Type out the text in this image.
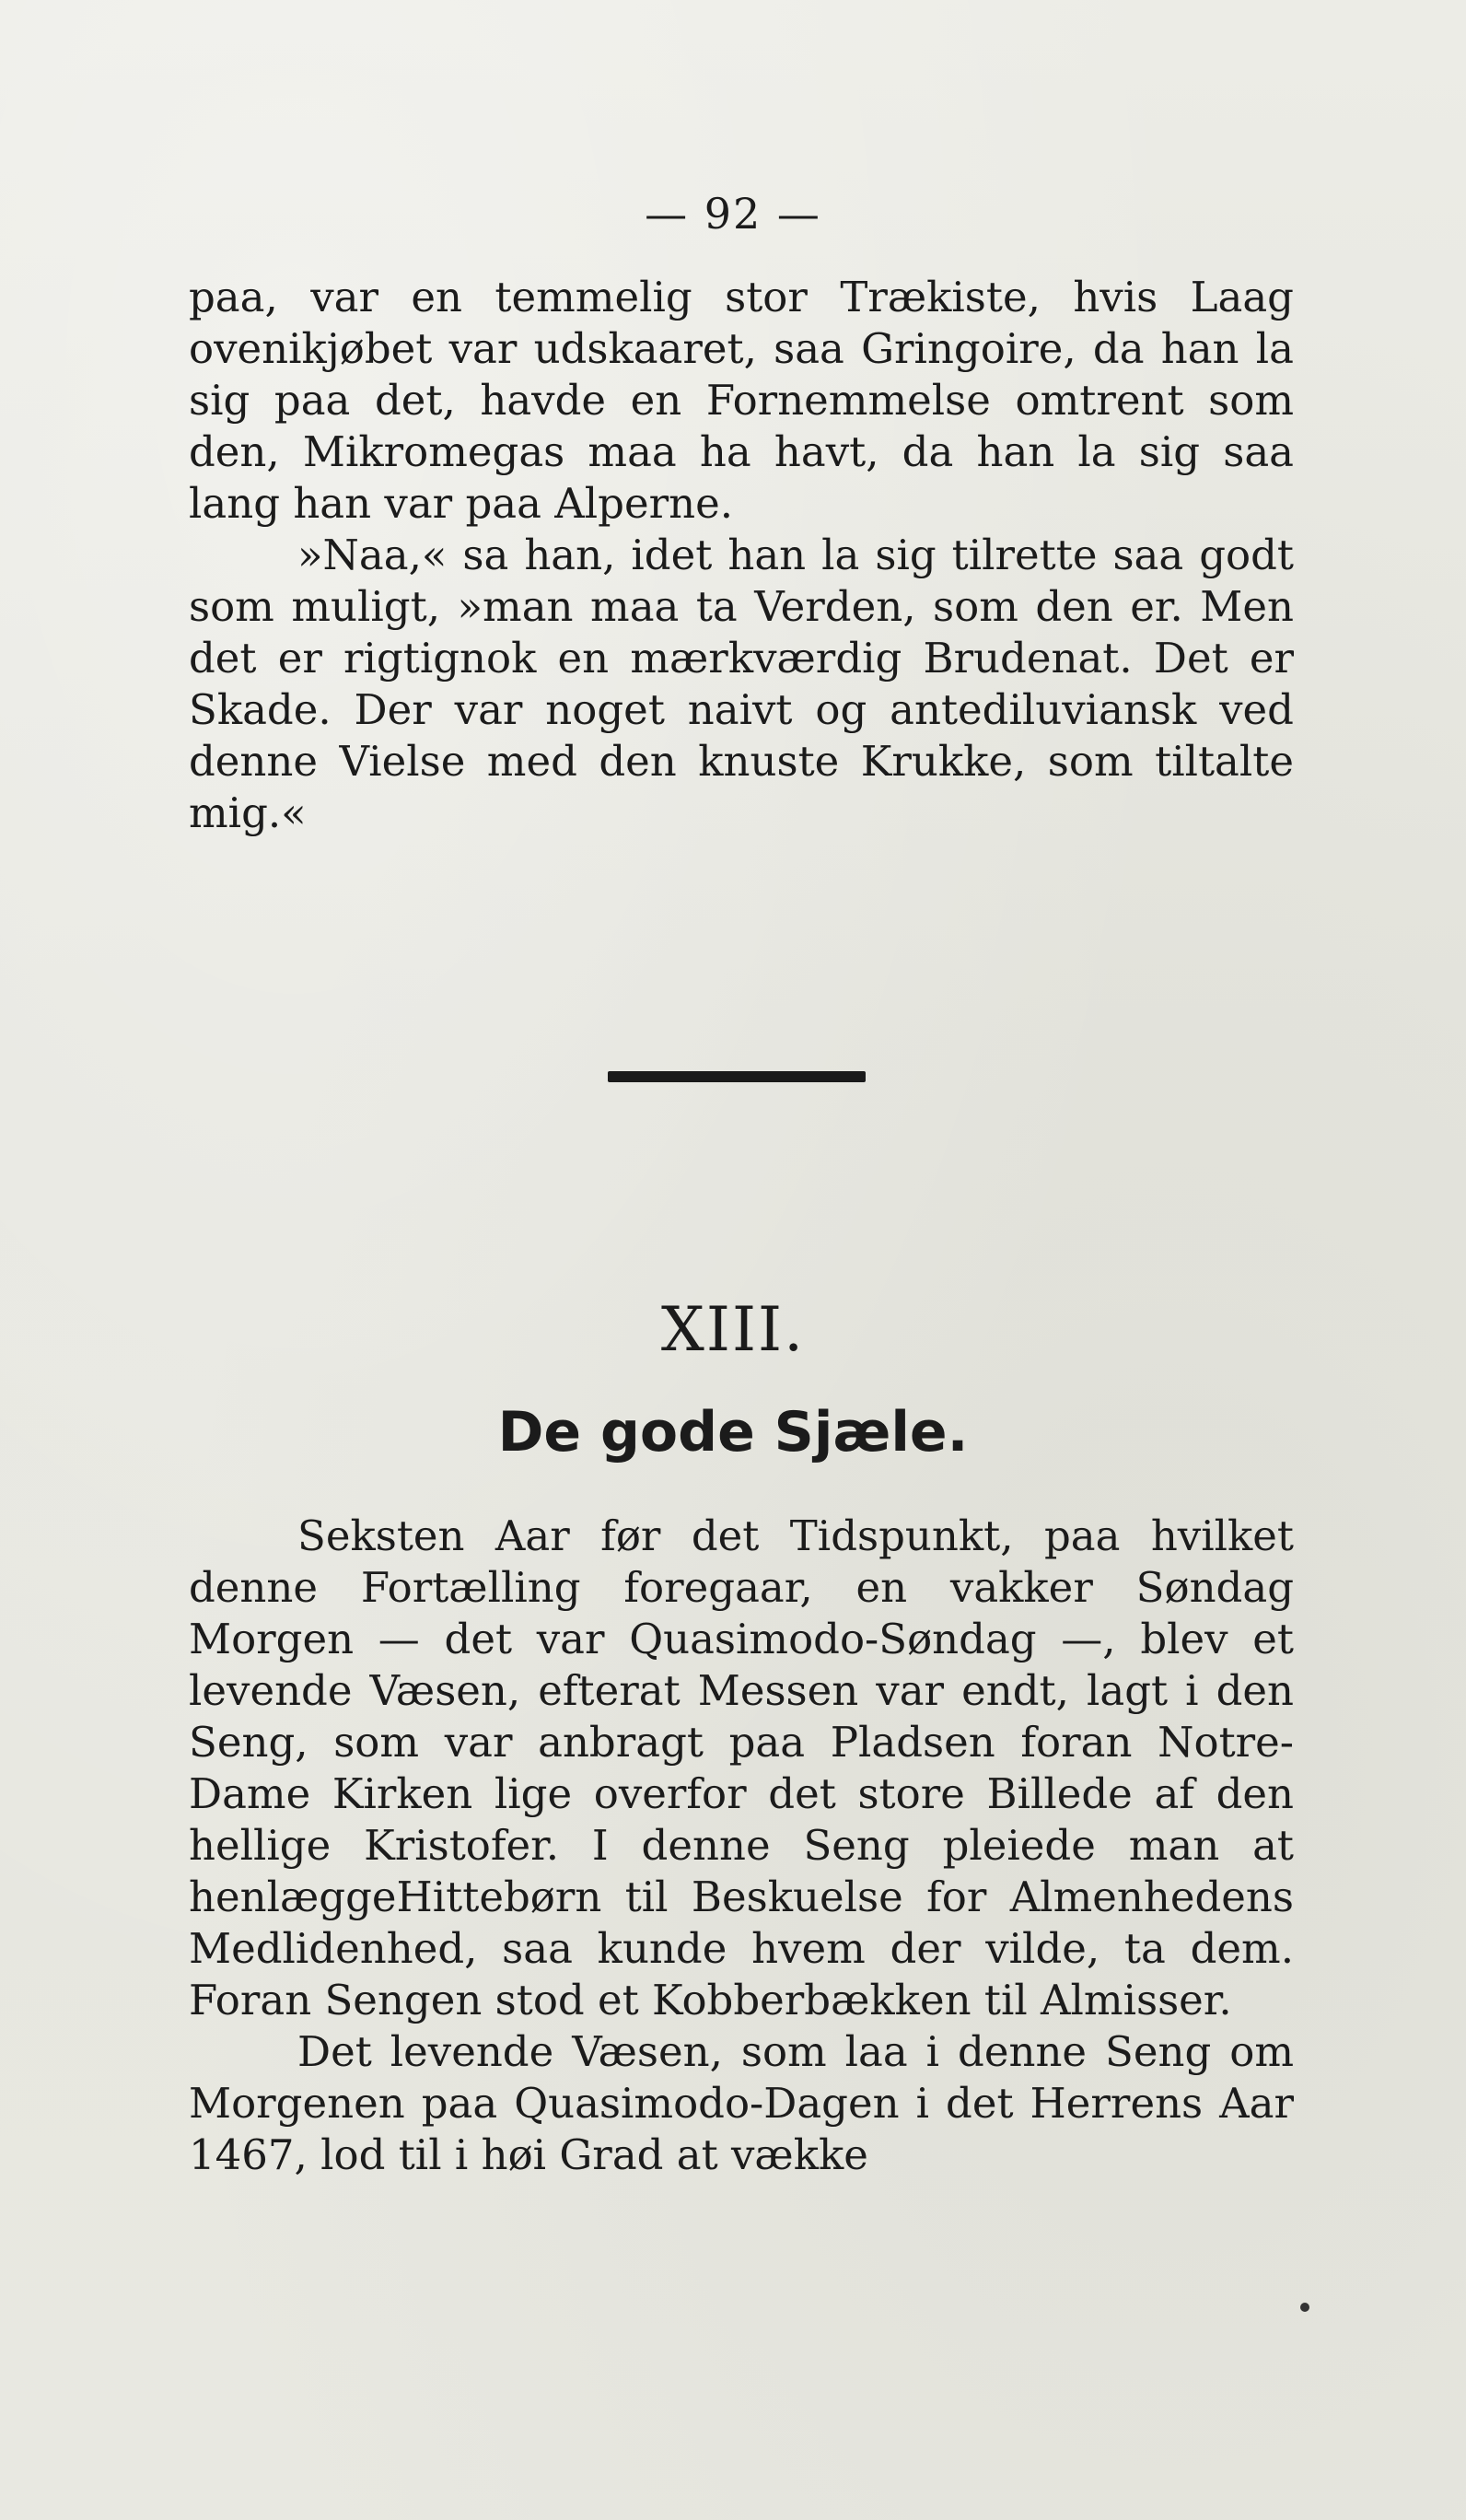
— 92 —

paa, var en temmelig stor Trækiste, hvis Laag ovenikjøbet var udskaaret, saa Gringoire, da han la sig paa det, havde en Fornemmelse omtrent som den, Mikromegas maa ha havt, da han la sig saa lang han var paa Alperne.

»Naa,« sa han, idet han la sig tilrette saa godt som muligt, »man maa ta Verden, som den er. Men det er rigtignok en mærkværdig Brudenat. Det er Skade. Der var noget naivt og antediluviansk ved denne Vielse med den knuste Krukke, som tiltalte mig.«

XIII.
De gode Sjæle.

Seksten Aar før det Tidspunkt, paa hvilket denne Fortælling foregaar, en vakker Søndag Morgen — det var Quasimodo-Søndag —, blev et levende Væsen, efterat Messen var endt, lagt i den Seng, som var anbragt paa Pladsen foran Notre-Dame Kirken lige overfor det store Billede af den hellige Kristofer. I denne Seng pleiede man at henlæggeHittebørn til Beskuelse for Almenhedens Medlidenhed, saa kunde hvem der vilde, ta dem. Foran Sengen stod et Kobberbækken til Almisser.

Det levende Væsen, som laa i denne Seng om Morgenen paa Quasimodo-Dagen i det Herrens Aar 1467, lod til i høi Grad at vække
